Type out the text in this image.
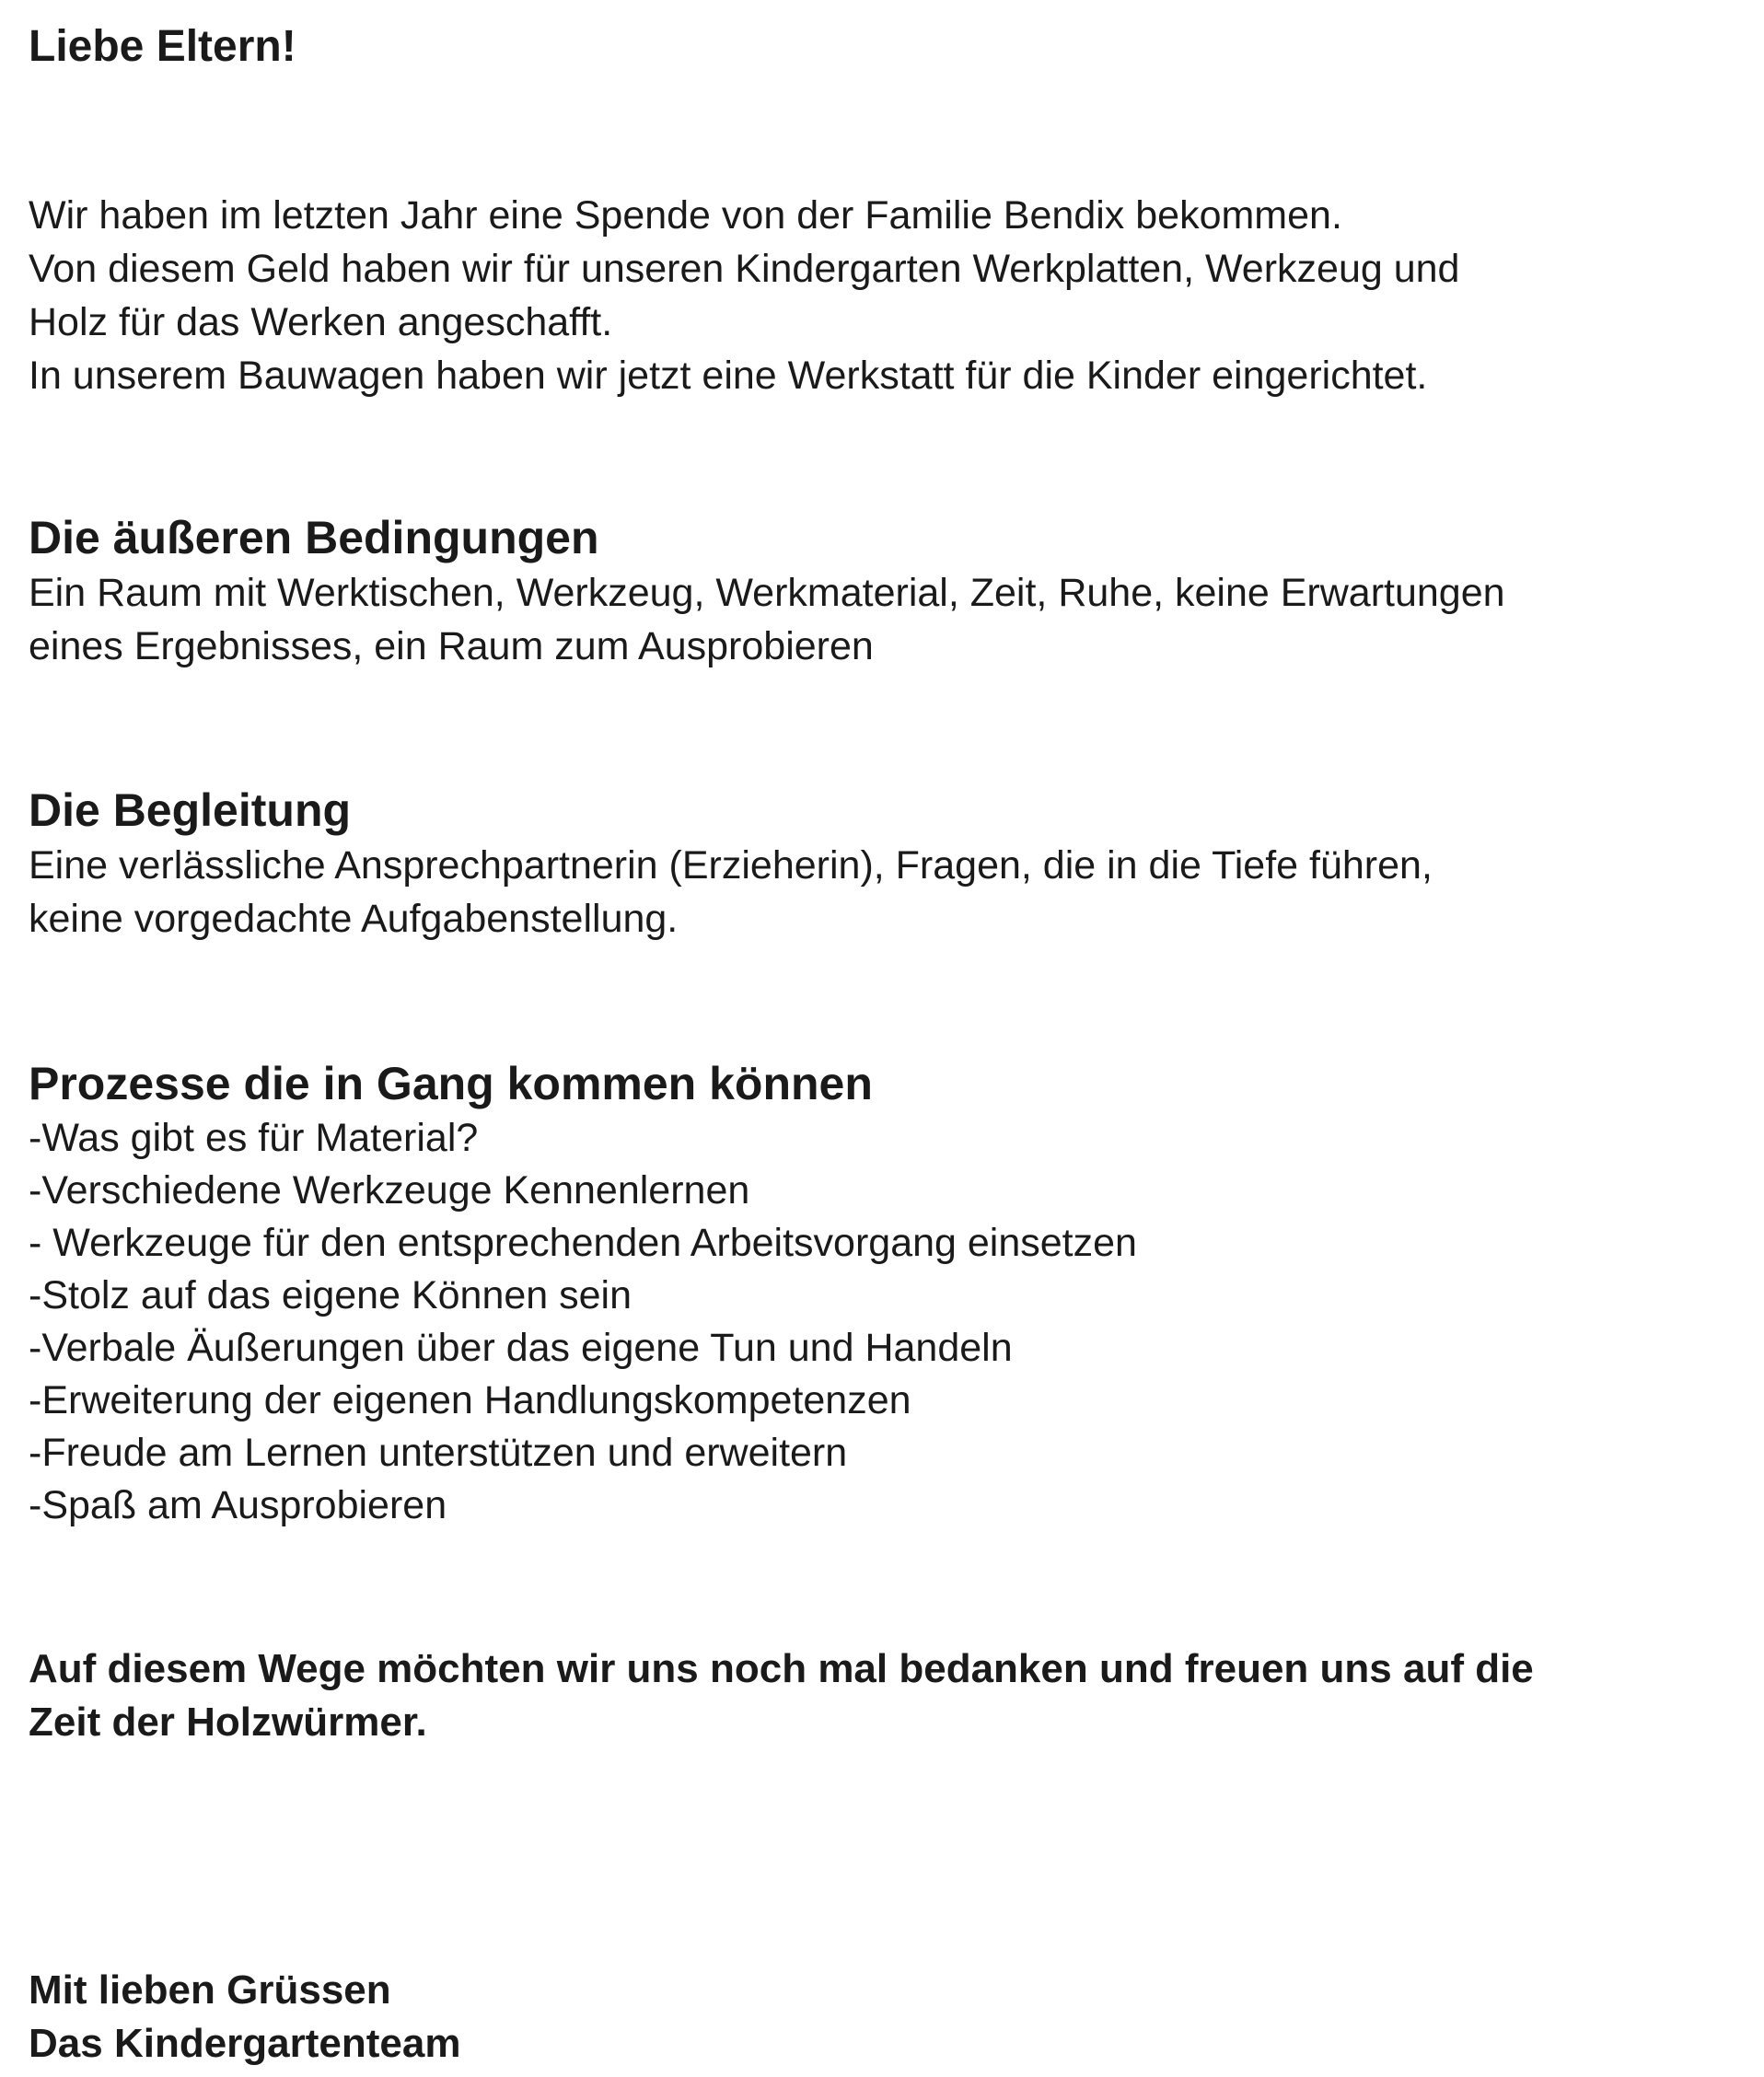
Liebe Eltern!

Wir haben im letzten Jahr eine Spende von der Familie Bendix bekommen.

Von diesem Geld haben wir für unseren Kindergarten Werkplatten, Werkzeug und

Holz für das Werken angeschafft.

In unserem Bauwagen haben wir jetzt eine Werkstatt für die Kinder eingerichtet.

Die äußeren Bedingungen

Ein Raum mit Werktischen, Werkzeug, Werkmaterial, Zeit, Ruhe, keine Erwartungen

eines Ergebnisses, ein Raum zum Ausprobieren

Die Begleitung

Eine verlässliche Ansprechpartnerin (Erzieherin), Fragen, die in die Tiefe führen,

keine vorgedachte Aufgabenstellung.

Prozesse die in Gang kommen können
-Was gibt es für Material?
-Verschiedene Werkzeuge Kennenlernen
- Werkzeuge für den entsprechenden Arbeitsvorgang einsetzen
-Stolz auf das eigene Können sein
-Verbale Äußerungen über das eigene Tun und Handeln
-Erweiterung der eigenen Handlungskompetenzen
-Freude am Lernen unterstützen und erweitern
-Spaß am Ausprobieren

Auf diesem Wege möchten wir uns noch mal bedanken und freuen uns auf die

Zeit der Holzwürmer.

Mit lieben Grüssen

Das Kindergartenteam
